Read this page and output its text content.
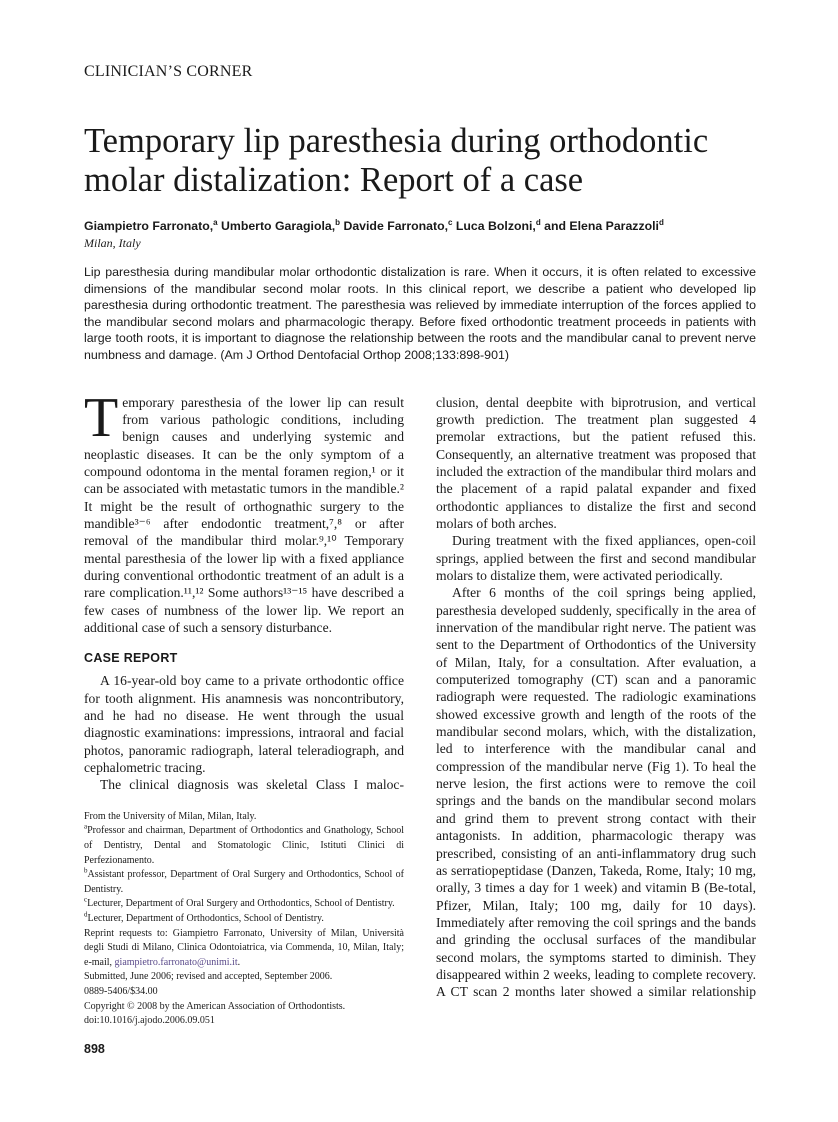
CLINICIAN’S CORNER
Temporary lip paresthesia during orthodontic molar distalization: Report of a case
Giampietro Farronato,$^a$ Umberto Garagiola,$^b$ Davide Farronato,$^c$ Luca Bolzoni,$^d$ and Elena Parazzoli$^d$
Milan, Italy

Lip paresthesia during mandibular molar orthodontic distalization is rare. When it occurs, it is often related to excessive dimensions of the mandibular second molar roots. In this clinical report, we describe a patient who developed lip paresthesia during orthodontic treatment. The paresthesia was relieved by immediate interruption of the forces applied to the mandibular second molars and pharmacologic therapy. Before fixed orthodontic treatment proceeds in patients with large tooth roots, it is important to diagnose the relationship between the roots and the mandibular canal to prevent nerve numbness and damage. (Am J Orthod Dentofacial Orthop 2008;133:898-901)

Temporary paresthesia of the lower lip can result from various pathologic conditions, including benign causes and underlying systemic and neoplastic diseases. It can be the only symptom of a compound odontoma in the mental foramen region,¹ or it can be associated with metastatic tumors in the mandible.² It might be the result of orthognathic surgery to the mandible³⁻⁶ after endodontic treatment,⁷,⁸ or after removal of the mandibular third molar.⁹,¹⁰ Temporary mental paresthesia of the lower lip with a fixed appliance during conventional orthodontic treatment of an adult is a rare complication.¹¹,¹² Some authors¹³⁻¹⁵ have described a few cases of numbness of the lower lip. We report an additional case of such a sensory disturbance.

CASE REPORT

A 16-year-old boy came to a private orthodontic office for tooth alignment. His anamnesis was noncontributory, and he had no disease. He went through the usual diagnostic examinations: impressions, intraoral and facial photos, panoramic radiograph, lateral teleradiograph, and cephalometric tracing.

The clinical diagnosis was skeletal Class I maloc-

From the University of Milan, Milan, Italy.
$^a$Professor and chairman, Department of Orthodontics and Gnathology, School of Dentistry, Dental and Stomatologic Clinic, Istituti Clinici di Perfezionamento.
$^b$Assistant professor, Department of Oral Surgery and Orthodontics, School of Dentistry.
$^c$Lecturer, Department of Oral Surgery and Orthodontics, School of Dentistry.
$^d$Lecturer, Department of Orthodontics, School of Dentistry.
Reprint requests to: Giampietro Farronato, University of Milan, Università degli Studi di Milano, Clinica Odontoiatrica, via Commenda, 10, Milan, Italy; e-mail, giampietro.farronato@unimi.it.
Submitted, June 2006; revised and accepted, September 2006.
0889-5406/$34.00
Copyright © 2008 by the American Association of Orthodontists.
doi:10.1016/j.ajodo.2006.09.051
898

clusion, dental deepbite with biprotrusion, and vertical growth prediction. The treatment plan suggested 4 premolar extractions, but the patient refused this. Consequently, an alternative treatment was proposed that included the extraction of the mandibular third molars and the placement of a rapid palatal expander and fixed orthodontic appliances to distalize the first and second molars of both arches.

During treatment with the fixed appliances, open-coil springs, applied between the first and second mandibular molars to distalize them, were activated periodically.

After 6 months of the coil springs being applied, paresthesia developed suddenly, specifically in the area of innervation of the mandibular right nerve. The patient was sent to the Department of Orthodontics of the University of Milan, Italy, for a consultation. After evaluation, a computerized tomography (CT) scan and a panoramic radiograph were requested. The radiologic examinations showed excessive growth and length of the roots of the mandibular second molars, which, with the distalization, led to interference with the mandibular canal and compression of the mandibular nerve (Fig 1). To heal the nerve lesion, the first actions were to remove the coil springs and the bands on the mandibular second molars and grind them to prevent strong contact with their antagonists. In addition, pharmacologic therapy was prescribed, consisting of an anti-inflammatory drug such as serratiopeptidase (Danzen, Takeda, Rome, Italy; 10 mg, orally, 3 times a day for 1 week) and vitamin B (Be-total, Pfizer, Milan, Italy; 100 mg, daily for 10 days). Immediately after removing the coil springs and the bands and grinding the occlusal surfaces of the mandibular second molars, the symptoms started to diminish. They disappeared within 2 weeks, leading to complete recovery. A CT scan 2 months later showed a similar relationship
